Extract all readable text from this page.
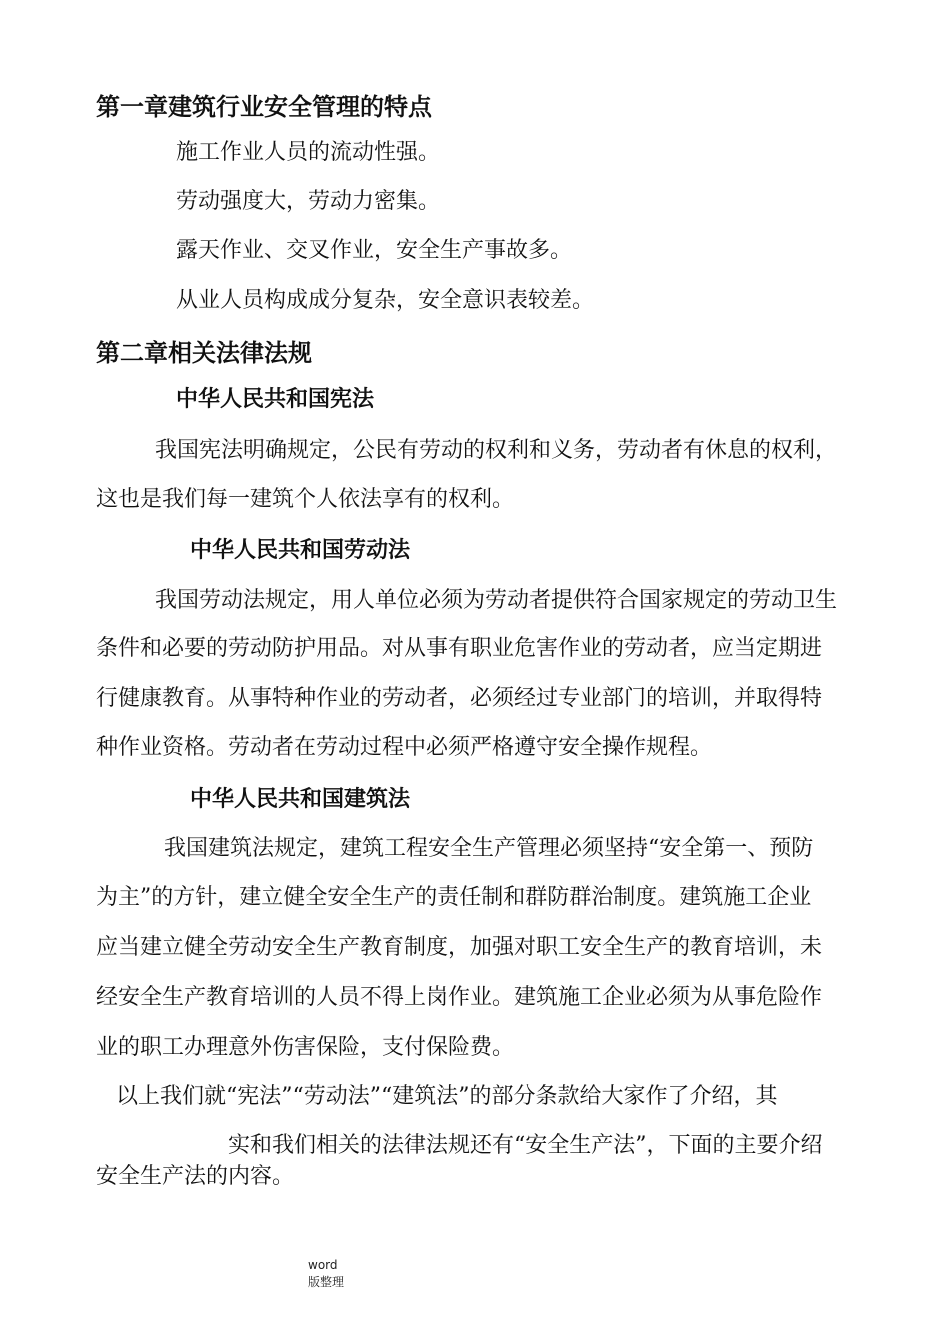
第一章建筑行业安全管理的特点

施工作业人员的流动性强。

劳动强度大，劳动力密集。

露天作业、交叉作业，安全生产事故多。

从业人员构成成分复杂，安全意识表较差。

第二章相关法律法规
中华人民共和国宪法

我国宪法明确规定，公民有劳动的权利和义务，劳动者有休息的权利，

这也是我们每一建筑个人依法享有的权利。

中华人民共和国劳动法

我国劳动法规定，用人单位必须为劳动者提供符合国家规定的劳动卫生

条件和必要的劳动防护用品。对从事有职业危害作业的劳动者，应当定期进

行健康教育。从事特种作业的劳动者，必须经过专业部门的培训，并取得特

种作业资格。劳动者在劳动过程中必须严格遵守安全操作规程。

中华人民共和国建筑法

我国建筑法规定，建筑工程安全生产管理必须坚持“安全第一、预防

为主”的方针，建立健全安全生产的责任制和群防群治制度。建筑施工企业

应当建立健全劳动安全生产教育制度，加强对职工安全生产的教育培训，未

经安全生产教育培训的人员不得上岗作业。建筑施工企业必须为从事危险作

业的职工办理意外伤害保险，支付保险费。

以上我们就“宪法”“劳动法”“建筑法”的部分条款给大家作了介绍，其

实和我们相关的法律法规还有“安全生产法”，下面的主要介绍

安全生产法的内容。

word
版整理
